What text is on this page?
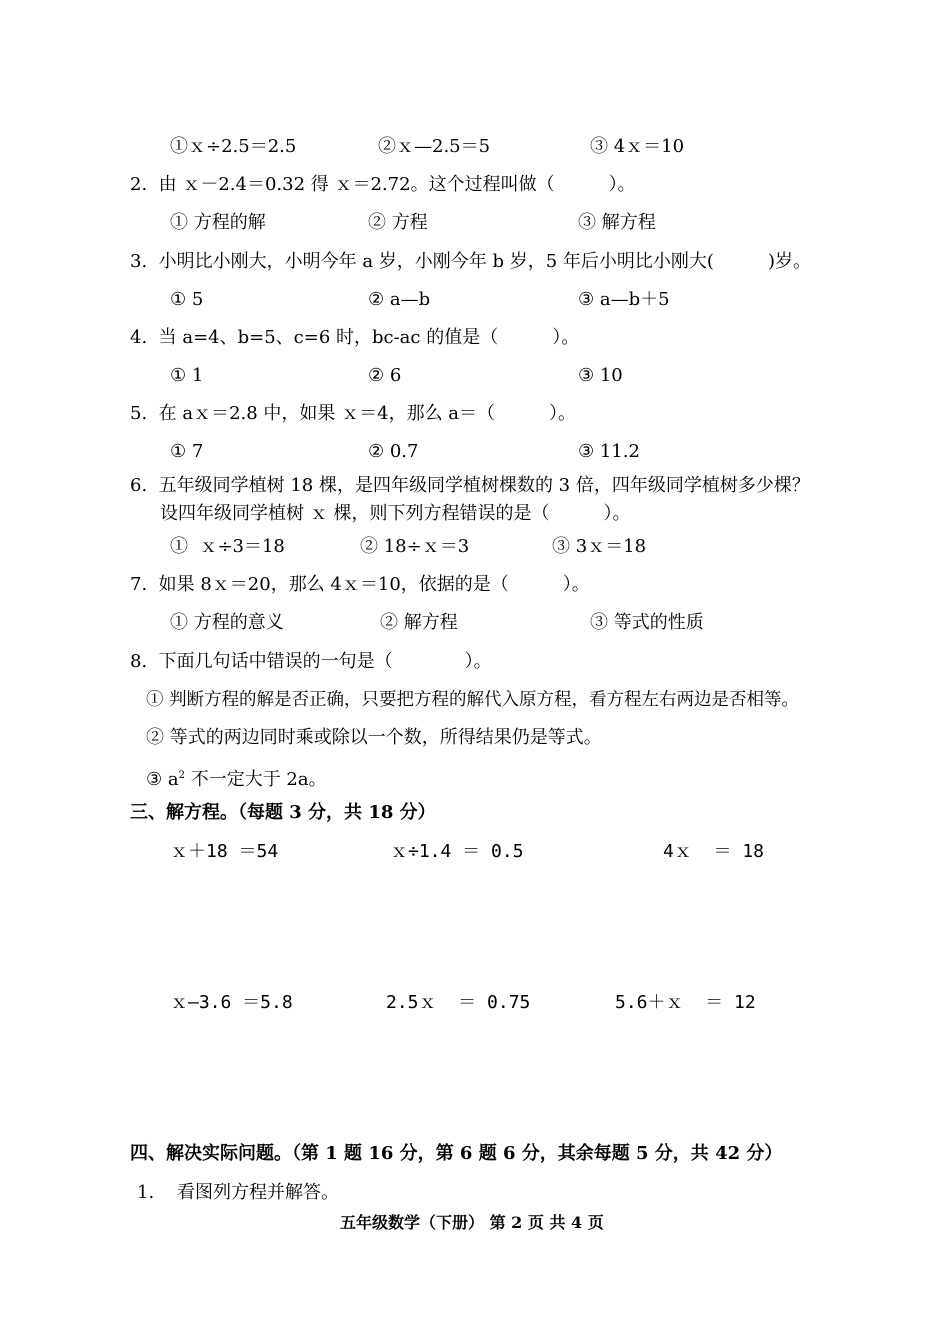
①ｘ÷2.5＝2.5	②ｘ—2.5＝5	③ 4ｘ＝10
2.  由 ｘ－2.4＝0.32 得 ｘ＝2.72。这个过程叫做（　　　）。
① 方程的解	② 方程	③ 解方程
3.  小明比小刚大，小明今年 a 岁，小刚今年 b 岁，5 年后小明比小刚大(　　　)岁。
① 5	② a—b	③ a—b＋5
4.  当 a=4、b=5、c=6 时，bc-ac 的值是（　　　）。
① 1	② 6	③ 10
5.  在 aｘ＝2.8 中，如果 ｘ＝4，那么 a＝（　　　）。
① 7	② 0.7	③ 11.2
6.  五年级同学植树 18 棵，是四年级同学植树棵数的 3 倍，四年级同学植树多少棵？
设四年级同学植树 ｘ 棵，则下列方程错误的是（　　　）。
①  ｘ÷3＝18	② 18÷ｘ＝3	③ 3ｘ＝18
7.  如果 8ｘ＝20，那么 4ｘ＝10，依据的是（　　　）。
① 方程的意义	② 解方程	③ 等式的性质
8.  下面几句话中错误的一句是（　　　　）。
① 判断方程的解是否正确，只要把方程的解代入原方程，看方程左右两边是否相等。
② 等式的两边同时乘或除以一个数，所得结果仍是等式。
③ $a^2$ 不一定大于 2a。
三、解方程。（每题 3 分，共 18 分）
ｘ＋18 ＝54	ｘ÷1.4 ＝ 0.5	4ｘ  ＝ 18
ｘ—3.6 ＝5.8	2.5ｘ  ＝ 0.75	5.6＋ｘ  ＝ 12
四、解决实际问题。（第 1 题 16 分，第 6 题 6 分，其余每题 5 分，共 42 分）
1.    看图列方程并解答。
五年级数学（下册） 第 2 页 共 4 页
